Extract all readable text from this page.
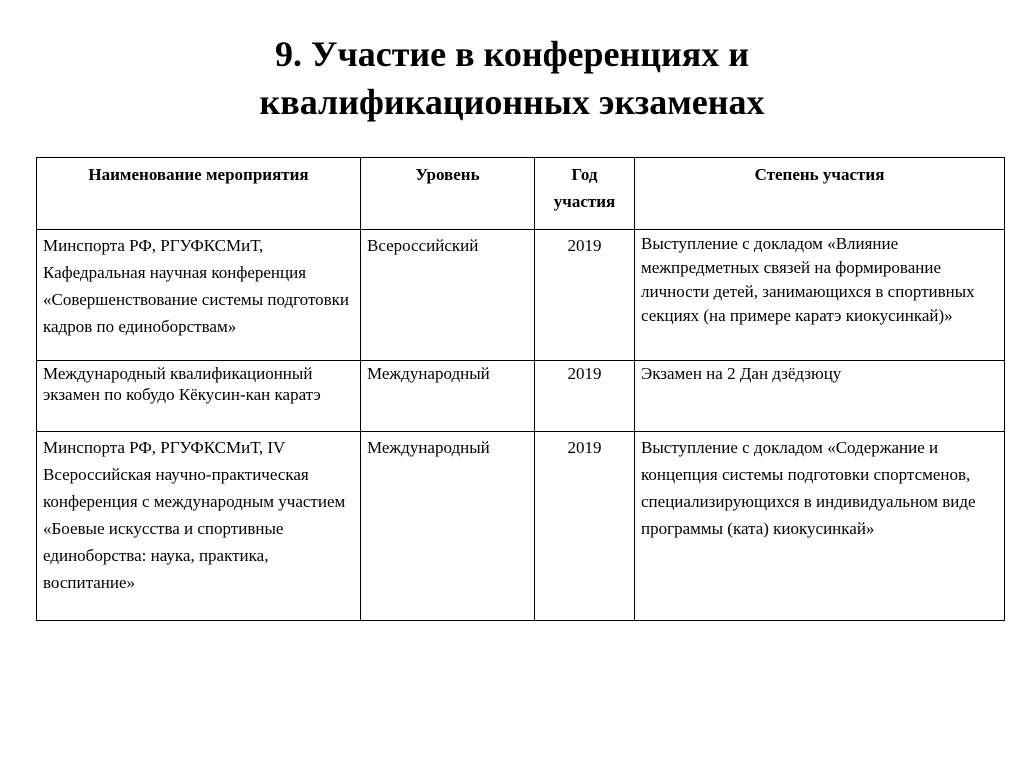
9. Участие в конференциях и
квалификационных экзаменах
Наименование мероприятия	Уровень	Год участия	Степень участия
Минспорта РФ, РГУФКСМиТ, Кафедральная научная конференция «Совершенствование системы подготовки кадров по единоборствам»	Всероссийский	2019	Выступление с докладом «Влияние межпредметных связей на формирование личности детей, занимающихся в спортивных секциях (на примере каратэ киокусинкай)»
Международный квалификационный экзамен по кобудо Кёкусин-кан каратэ	Международный	2019	Экзамен на 2 Дан дзёдзюцу
Минспорта РФ, РГУФКСМиТ, IV Всероссийская научно-практическая конференция с международным участием «Боевые искусства и спортивные единоборства: наука, практика, воспитание»	Международный	2019	Выступление с докладом «Содержание и концепция системы подготовки спортсменов, специализирующихся в индивидуальном виде программы (ката) киокусинкай»
